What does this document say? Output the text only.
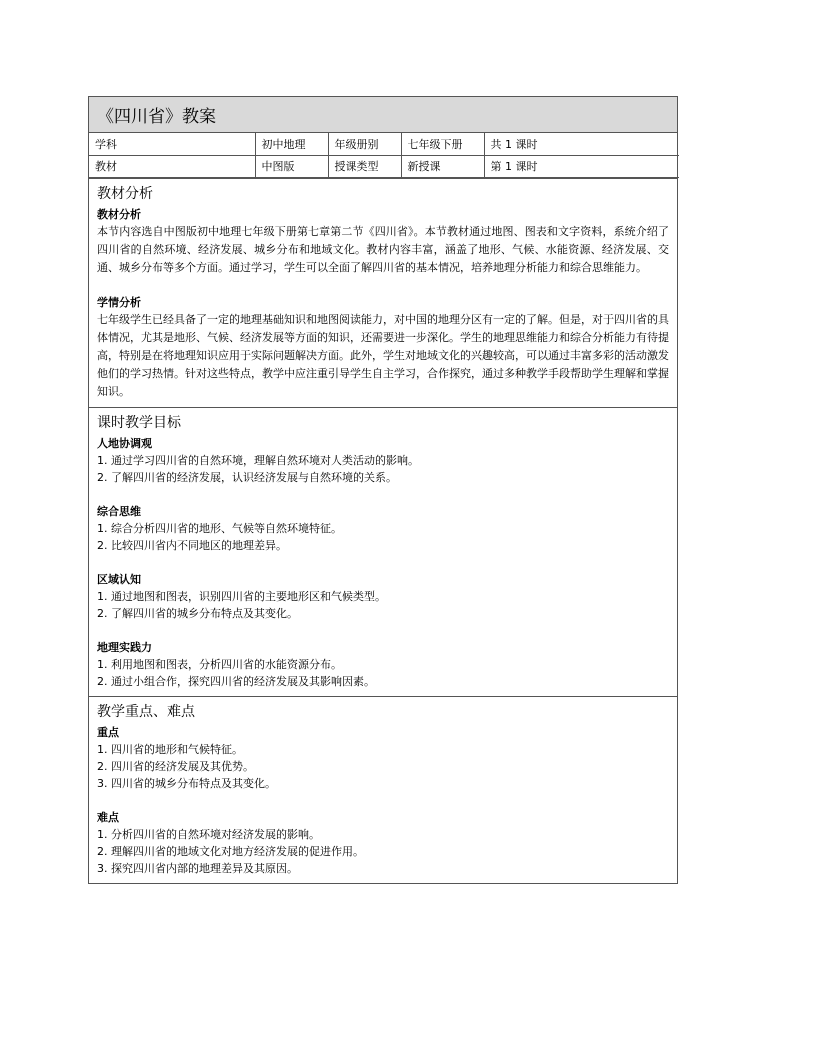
《四川省》教案
学科	初中地理	年级册别	七年级下册	共 1 课时
教材	中图版	授课类型	新授课	第 1 课时
教材分析

教材分析

本节内容选自中图版初中地理七年级下册第七章第二节《四川省》。本节教材通过地图、图表和文字资料，系统介绍了四川省的自然环境、经济发展、城乡分布和地域文化。教材内容丰富，涵盖了地形、气候、水能资源、经济发展、交通、城乡分布等多个方面。通过学习，学生可以全面了解四川省的基本情况，培养地理分析能力和综合思维能力。

学情分析

七年级学生已经具备了一定的地理基础知识和地图阅读能力，对中国的地理分区有一定的了解。但是，对于四川省的具体情况，尤其是地形、气候、经济发展等方面的知识，还需要进一步深化。学生的地理思维能力和综合分析能力有待提高，特别是在将地理知识应用于实际问题解决方面。此外，学生对地域文化的兴趣较高，可以通过丰富多彩的活动激发他们的学习热情。针对这些特点，教学中应注重引导学生自主学习，合作探究，通过多种教学手段帮助学生理解和掌握知识。

课时教学目标

人地协调观

1. 通过学习四川省的自然环境，理解自然环境对人类活动的影响。
2. 了解四川省的经济发展，认识经济发展与自然环境的关系。

综合思维

1. 综合分析四川省的地形、气候等自然环境特征。
2. 比较四川省内不同地区的地理差异。

区域认知

1. 通过地图和图表，识别四川省的主要地形区和气候类型。
2. 了解四川省的城乡分布特点及其变化。

地理实践力

1. 利用地图和图表，分析四川省的水能资源分布。
2. 通过小组合作，探究四川省的经济发展及其影响因素。
教学重点、难点

重点

1. 四川省的地形和气候特征。
2. 四川省的经济发展及其优势。
3. 四川省的城乡分布特点及其变化。

难点

1. 分析四川省的自然环境对经济发展的影响。
2. 理解四川省的地域文化对地方经济发展的促进作用。
3. 探究四川省内部的地理差异及其原因。
